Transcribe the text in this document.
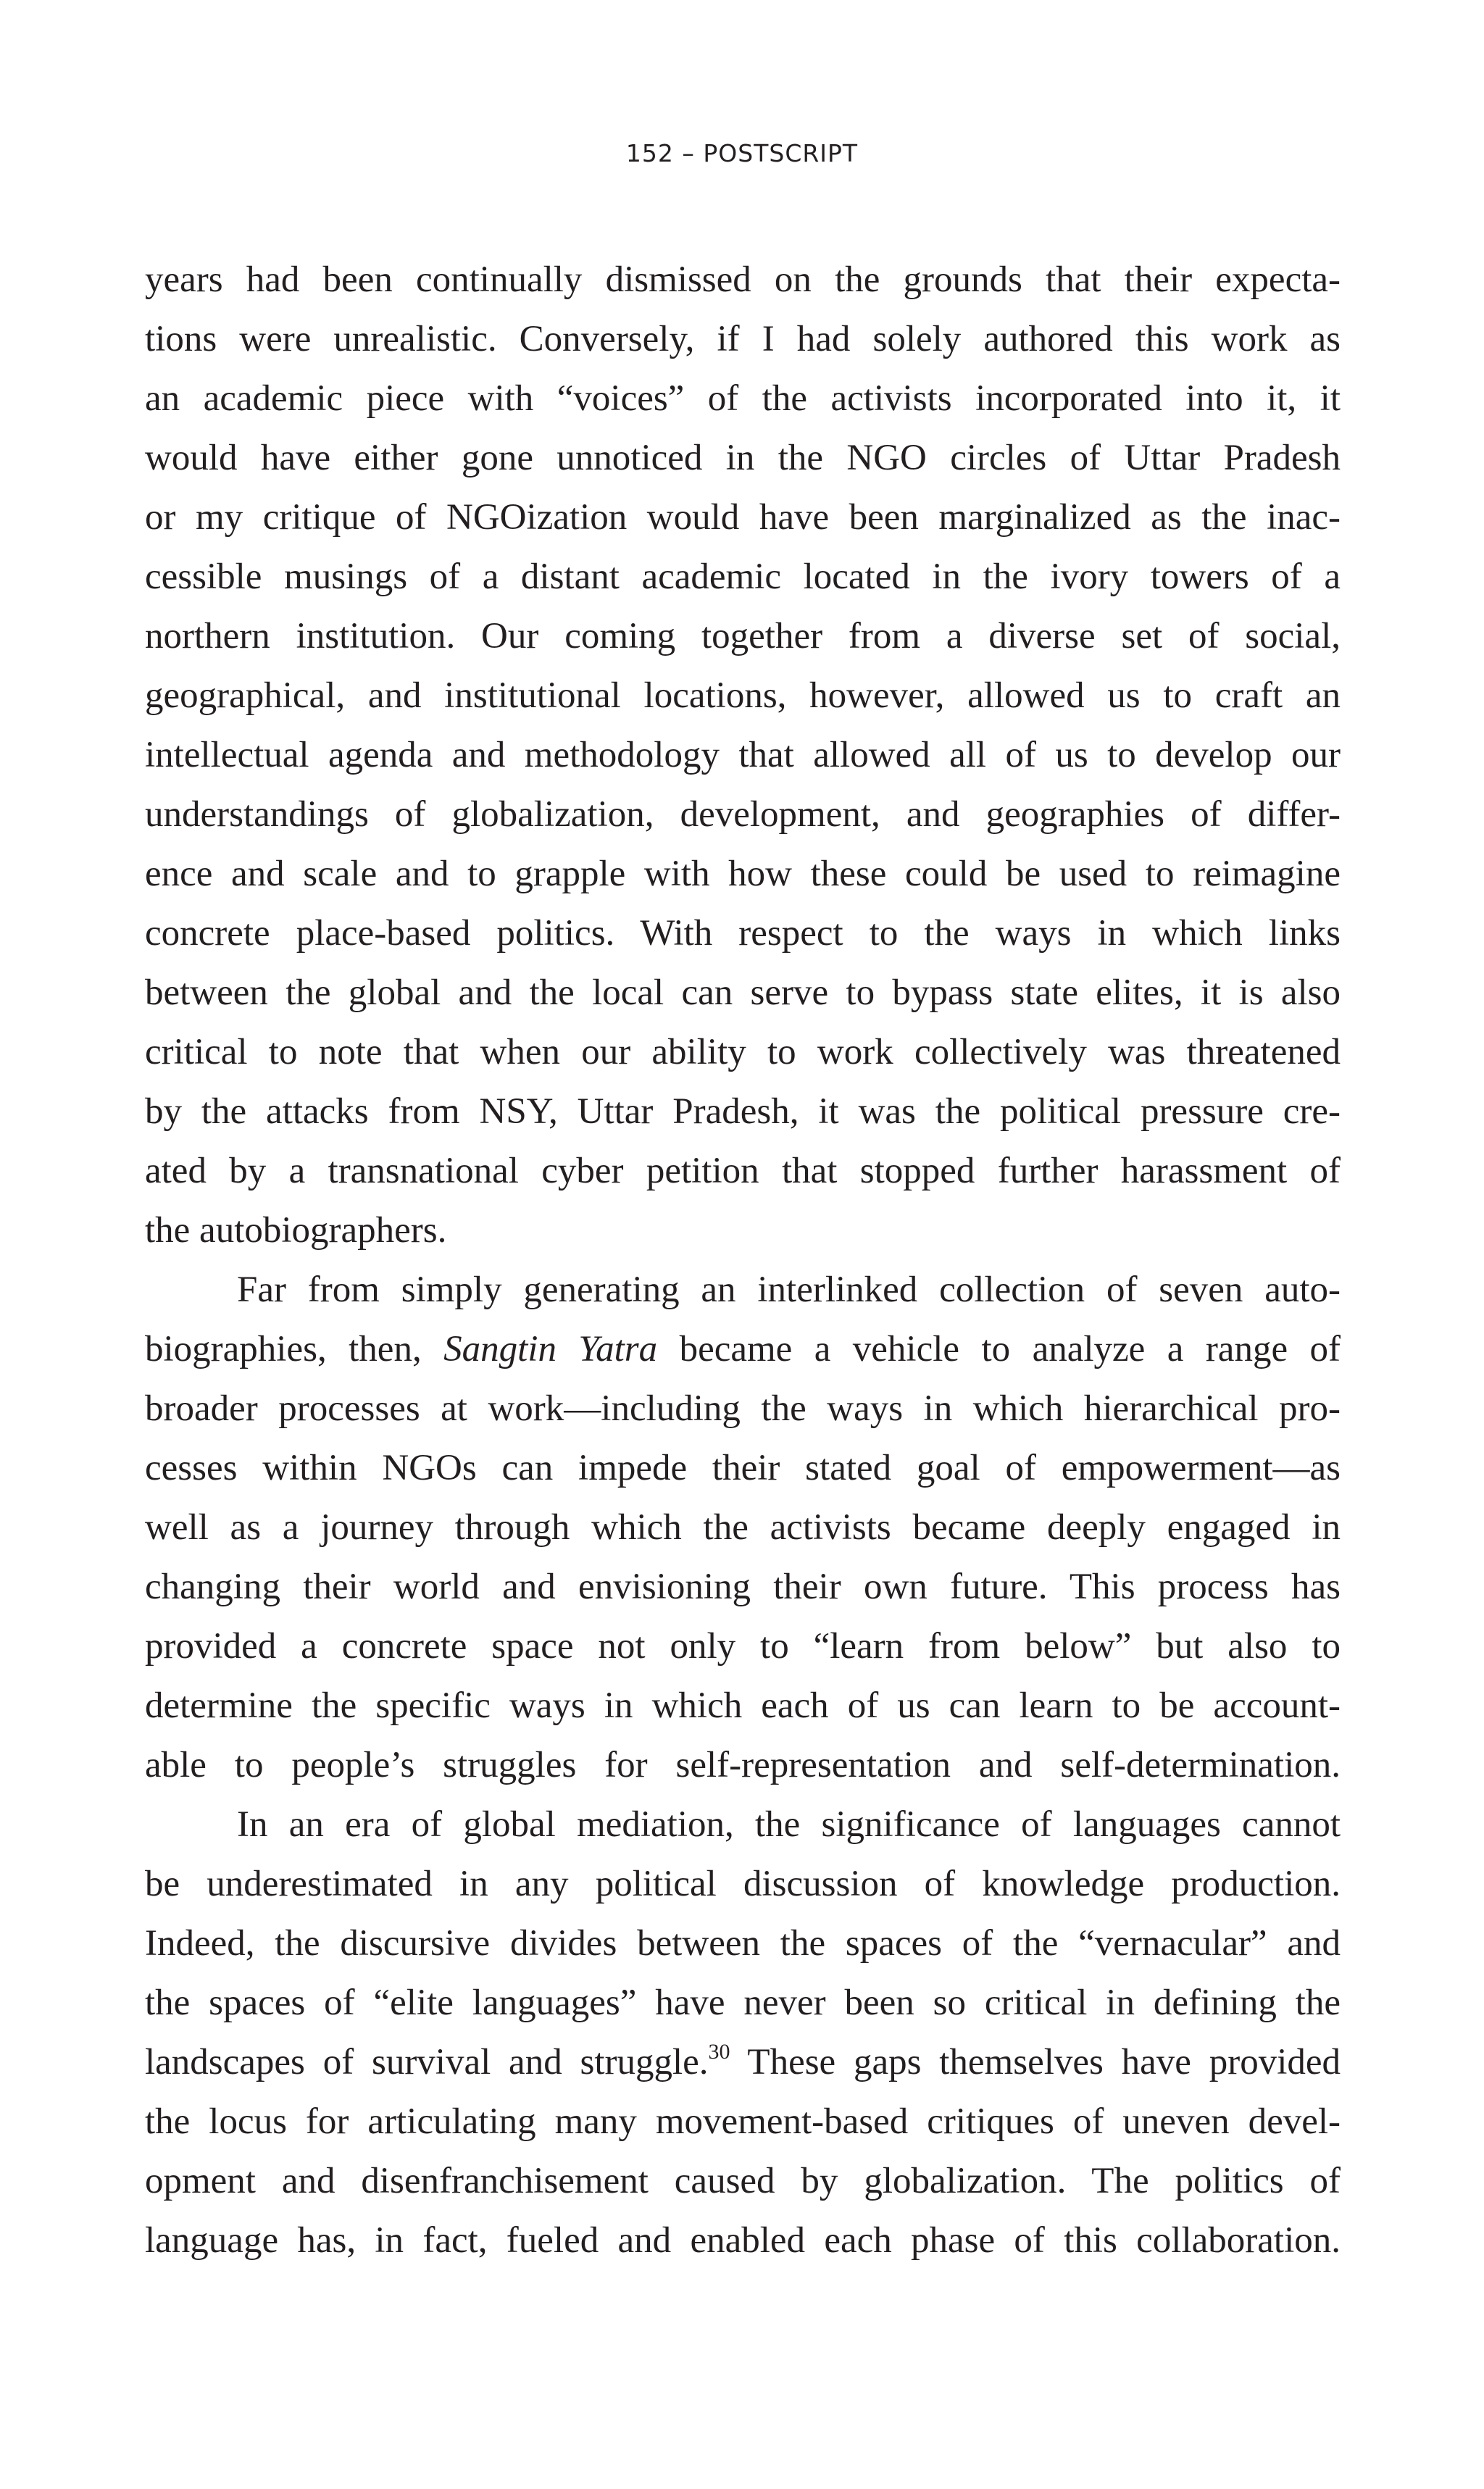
152 – POSTSCRIPT
years had been continually dismissed on the grounds that their expecta-
tions were unrealistic. Conversely, if I had solely authored this work as
an academic piece with “voices” of the activists incorporated into it, it
would have either gone unnoticed in the NGO circles of Uttar Pradesh
or my critique of NGOization would have been marginalized as the inac-
cessible musings of a distant academic located in the ivory towers of a
northern institution. Our coming together from a diverse set of social,
geographical, and institutional locations, however, allowed us to craft an
intellectual agenda and methodology that allowed all of us to develop our
understandings of globalization, development, and geographies of differ-
ence and scale and to grapple with how these could be used to reimagine
concrete place-based politics. With respect to the ways in which links
between the global and the local can serve to bypass state elites, it is also
critical to note that when our ability to work collectively was threatened
by the attacks from NSY, Uttar Pradesh, it was the political pressure cre-
ated by a transnational cyber petition that stopped further harassment of
the autobiographers.
Far from simply generating an interlinked collection of seven auto-
biographies, then, Sangtin Yatra became a vehicle to analyze a range of
broader processes at work—including the ways in which hierarchical pro-
cesses within NGOs can impede their stated goal of empowerment—as
well as a journey through which the activists became deeply engaged in
changing their world and envisioning their own future. This process has
provided a concrete space not only to “learn from below” but also to
determine the specific ways in which each of us can learn to be account-
able to people’s struggles for self-representation and self-determination.
In an era of global mediation, the significance of languages cannot
be underestimated in any political discussion of knowledge production.
Indeed, the discursive divides between the spaces of the “vernacular” and
the spaces of “elite languages” have never been so critical in defining the
landscapes of survival and struggle.$^{30}$ These gaps themselves have provided
the locus for articulating many movement-based critiques of uneven devel-
opment and disenfranchisement caused by globalization. The politics of
language has, in fact, fueled and enabled each phase of this collaboration.
